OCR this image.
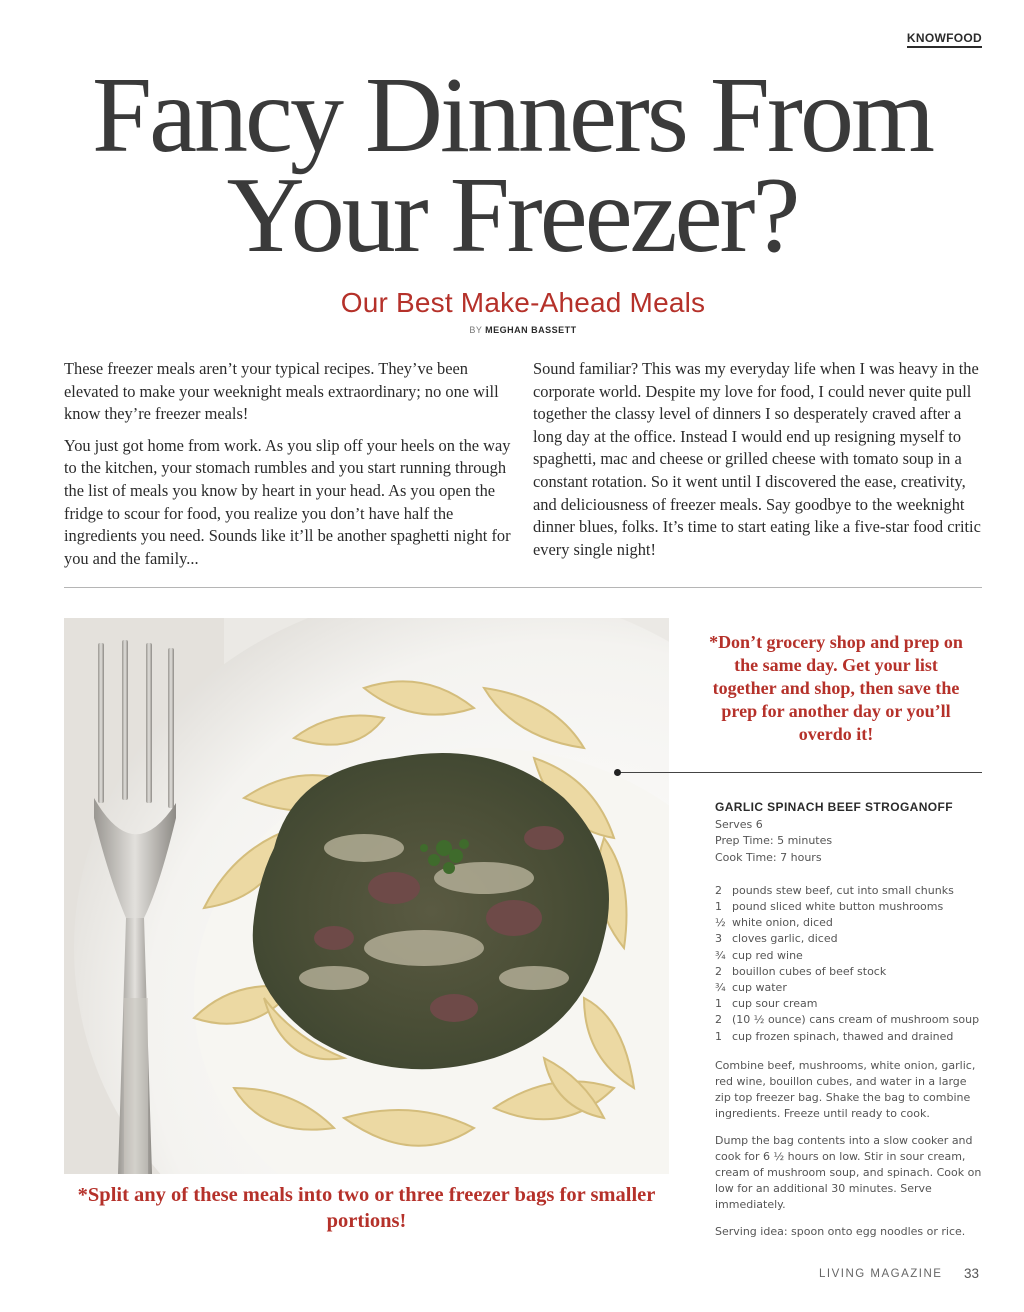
KNOWFOOD
Fancy Dinners From
Your Freezer?
Our Best Make-Ahead Meals
BY MEGHAN BASSETT

These freezer meals aren’t your typical recipes. They’ve been elevated to make your weeknight meals extraordinary; no one will know they’re freezer meals!

You just got home from work. As you slip off your heels on the way to the kitchen, your stomach rumbles and you start running through the list of meals you know by heart in your head. As you open the fridge to scour for food, you realize you don’t have half the ingredients you need. Sounds like it’ll be another spaghetti night for you and the family...

Sound familiar? This was my everyday life when I was heavy in the corporate world. Despite my love for food, I could never quite pull together the classy level of dinners I so desperately craved after a long day at the office. Instead I would end up resigning myself to spaghetti, mac and cheese or grilled cheese with tomato soup in a constant rotation. So it went until I discovered the ease, creativity, and deliciousness of freezer meals. Say goodbye to the weeknight dinner blues, folks. It’s time to start eating like a five-star food critic every single night!

*Don’t grocery shop and prep on the same day. Get your list together and shop, then save the prep for another day or you’ll overdo it!
*Split any of these meals into two or three freezer bags for smaller portions!
GARLIC SPINACH BEEF STROGANOFF

Serves 6

Prep Time: 5 minutes

Cook Time: 7 hours

2 pounds stew beef, cut into small chunks
1 pound sliced white button mushrooms
½ white onion, diced
3 cloves garlic, diced
¾ cup red wine
2 bouillon cubes of beef stock
¾ cup water
1 cup sour cream
2 (10 ½ ounce) cans cream of mushroom soup
1 cup frozen spinach, thawed and drained

Combine beef, mushrooms, white onion, garlic, red wine, bouillon cubes, and water in a large zip top freezer bag. Shake the bag to combine ingredients. Freeze until ready to cook.

Dump the bag contents into a slow cooker and cook for 6 ½ hours on low. Stir in sour cream, cream of mushroom soup, and spinach. Cook on low for an additional 30 minutes. Serve immediately.

Serving idea: spoon onto egg noodles or rice.

LIVING MAGAZINE 33
